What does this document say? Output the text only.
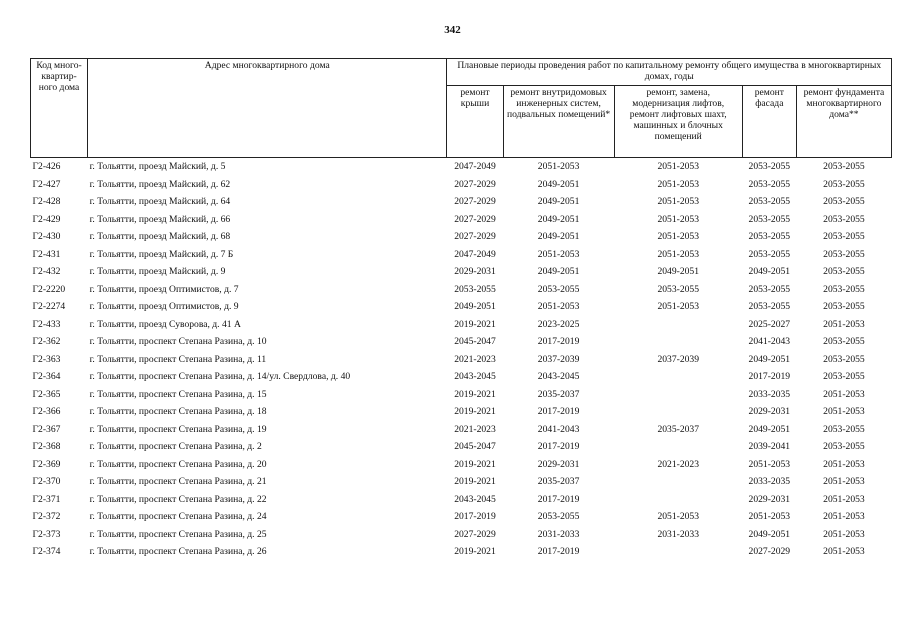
342
Код много-квартир-ного дома	Адрес многоквартирного дома	Плановые периоды проведения работ по капитальному ремонту общего имущества в многоквартирных домах, годы				
		ремонт крыши	ремонт внутридомовых инженерных систем, подвальных помещений*	ремонт, замена, модернизация лифтов, ремонт лифтовых шахт, машинных и блочных помещений	ремонт фасада	ремонт фундамента многоквартирного дома**
Г2-426	г. Тольятти, проезд Майский, д. 5	2047-2049	2051-2053	2051-2053	2053-2055	2053-2055
Г2-427	г. Тольятти, проезд Майский, д. 62	2027-2029	2049-2051	2051-2053	2053-2055	2053-2055
Г2-428	г. Тольятти, проезд Майский, д. 64	2027-2029	2049-2051	2051-2053	2053-2055	2053-2055
Г2-429	г. Тольятти, проезд Майский, д. 66	2027-2029	2049-2051	2051-2053	2053-2055	2053-2055
Г2-430	г. Тольятти, проезд Майский, д. 68	2027-2029	2049-2051	2051-2053	2053-2055	2053-2055
Г2-431	г. Тольятти, проезд Майский, д. 7 Б	2047-2049	2051-2053	2051-2053	2053-2055	2053-2055
Г2-432	г. Тольятти, проезд Майский, д. 9	2029-2031	2049-2051	2049-2051	2049-2051	2053-2055
Г2-2220	г. Тольятти, проезд Оптимистов, д. 7	2053-2055	2053-2055	2053-2055	2053-2055	2053-2055
Г2-2274	г. Тольятти, проезд Оптимистов, д. 9	2049-2051	2051-2053	2051-2053	2053-2055	2053-2055
Г2-433	г. Тольятти, проезд Суворова, д. 41 А	2019-2021	2023-2025		2025-2027	2051-2053
Г2-362	г. Тольятти, проспект Степана Разина, д. 10	2045-2047	2017-2019		2041-2043	2053-2055
Г2-363	г. Тольятти, проспект Степана Разина, д. 11	2021-2023	2037-2039	2037-2039	2049-2051	2053-2055
Г2-364	г. Тольятти, проспект Степана Разина, д. 14/ул. Свердлова, д. 40	2043-2045	2043-2045		2017-2019	2053-2055
Г2-365	г. Тольятти, проспект Степана Разина, д. 15	2019-2021	2035-2037		2033-2035	2051-2053
Г2-366	г. Тольятти, проспект Степана Разина, д. 18	2019-2021	2017-2019		2029-2031	2051-2053
Г2-367	г. Тольятти, проспект Степана Разина, д. 19	2021-2023	2041-2043	2035-2037	2049-2051	2053-2055
Г2-368	г. Тольятти, проспект Степана Разина, д. 2	2045-2047	2017-2019		2039-2041	2053-2055
Г2-369	г. Тольятти, проспект Степана Разина, д. 20	2019-2021	2029-2031	2021-2023	2051-2053	2051-2053
Г2-370	г. Тольятти, проспект Степана Разина, д. 21	2019-2021	2035-2037		2033-2035	2051-2053
Г2-371	г. Тольятти, проспект Степана Разина, д. 22	2043-2045	2017-2019		2029-2031	2051-2053
Г2-372	г. Тольятти, проспект Степана Разина, д. 24	2017-2019	2053-2055	2051-2053	2051-2053	2051-2053
Г2-373	г. Тольятти, проспект Степана Разина, д. 25	2027-2029	2031-2033	2031-2033	2049-2051	2051-2053
Г2-374	г. Тольятти, проспект Степана Разина, д. 26	2019-2021	2017-2019		2027-2029	2051-2053
